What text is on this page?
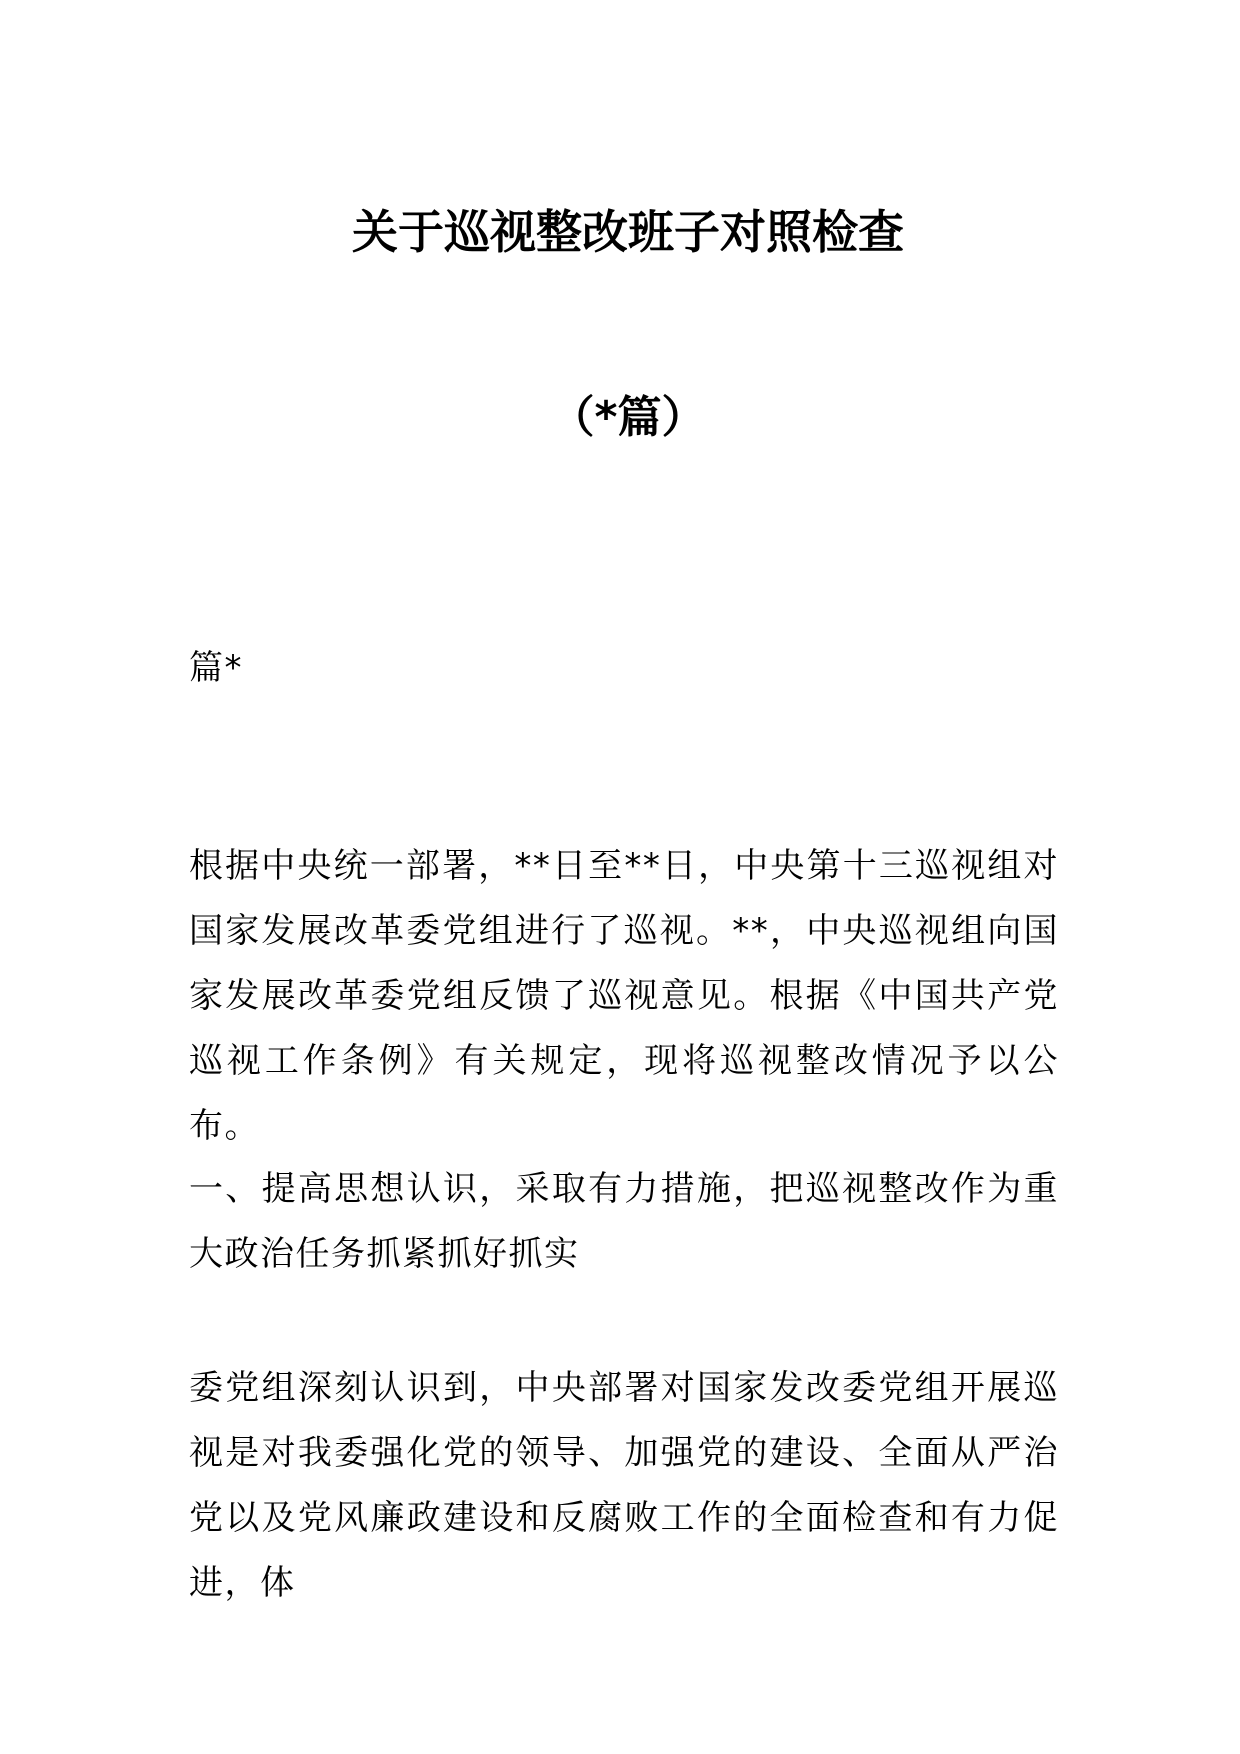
关于巡视整改班子对照检查
（*篇）
篇*
根据中央统一部署，**日至**日，中央第十三巡视组对国家发展改革委党组进行了巡视。**，中央巡视组向国家发展改革委党组反馈了巡视意见。根据《中国共产党巡视工作条例》有关规定，现将巡视整改情况予以公布。
一、提高思想认识，采取有力措施，把巡视整改作为重大政治任务抓紧抓好抓实
委党组深刻认识到，中央部署对国家发改委党组开展巡视是对我委强化党的领导、加强党的建设、全面从严治党以及党风廉政建设和反腐败工作的全面检查和有力促进，体
